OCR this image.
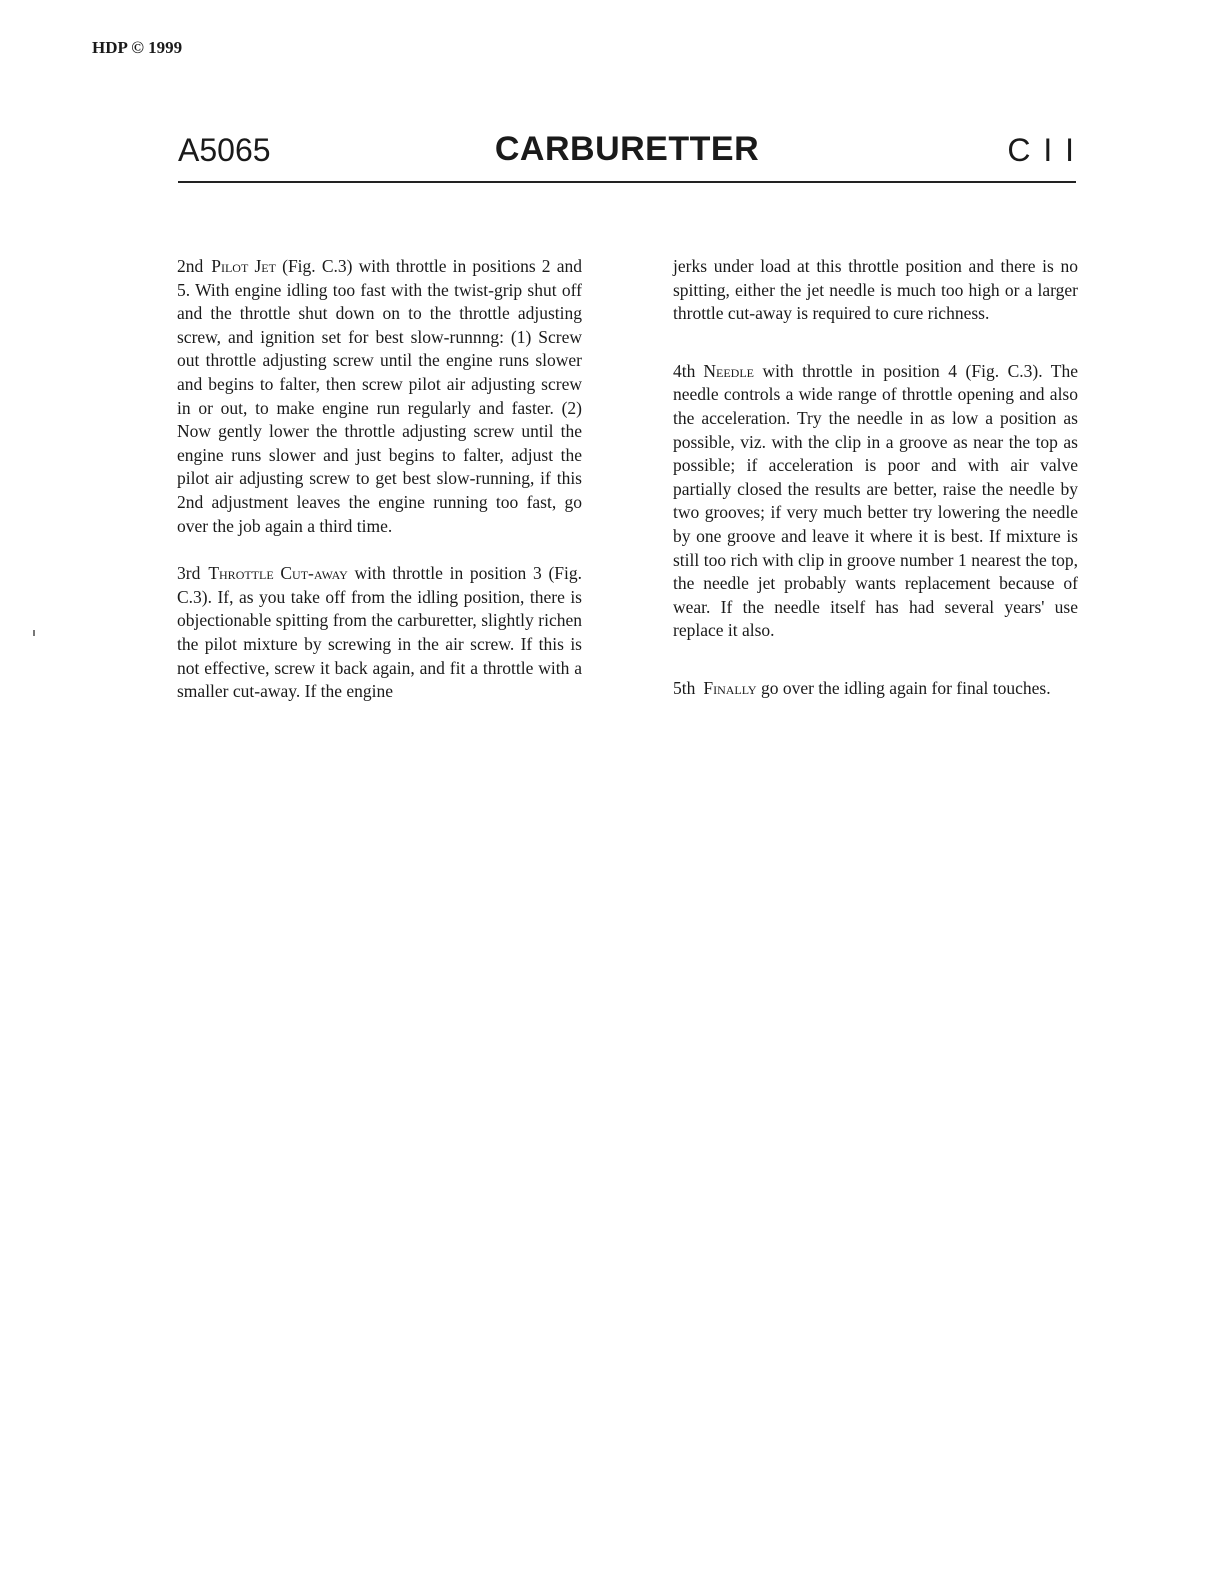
HDP © 1999
A5065	CARBURETTER	C I I

2nd Pilot Jet (Fig. C.3) with throttle in positions 2 and 5. With engine idling too fast with the twist-grip shut off and the throttle shut down on to the throttle adjusting screw, and ignition set for best slow-runnng: (1) Screw out throttle adjusting screw until the engine runs slower and begins to falter, then screw pilot air adjusting screw in or out, to make engine run regularly and faster. (2) Now gently lower the throttle adjusting screw until the engine runs slower and just begins to falter, adjust the pilot air adjusting screw to get best slow-running, if this 2nd adjustment leaves the engine running too fast, go over the job again a third time.

3rd Throttle Cut-away with throttle in position 3 (Fig. C.3). If, as you take off from the idling position, there is objectionable spitting from the carburetter, slightly richen the pilot mixture by screwing in the air screw. If this is not effective, screw it back again, and fit a throttle with a smaller cut-away. If the engine

jerks under load at this throttle position and there is no spitting, either the jet needle is much too high or a larger throttle cut-away is required to cure richness.

4th Needle with throttle in position 4 (Fig. C.3). The needle controls a wide range of throttle opening and also the acceleration. Try the needle in as low a position as possible, viz. with the clip in a groove as near the top as possible; if acceleration is poor and with air valve partially closed the results are better, raise the needle by two grooves; if very much better try lowering the needle by one groove and leave it where it is best. If mixture is still too rich with clip in groove number 1 nearest the top, the needle jet probably wants replacement because of wear. If the needle itself has had several years' use replace it also.

5th Finally go over the idling again for final touches.
